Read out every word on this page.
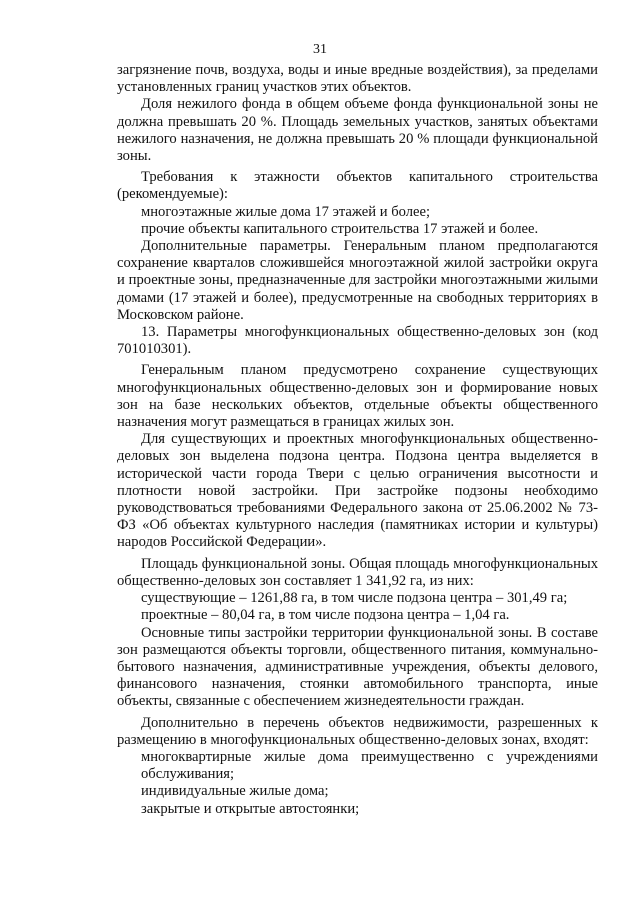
31

загрязнение почв, воздуха, воды и иные вредные воздействия), за пределами установленных границ участков этих объектов.

Доля нежилого фонда в общем объеме фонда функциональной зоны не должна превышать 20 %. Площадь земельных участков, занятых объектами нежилого назначения, не должна превышать 20 % площади функциональной зоны.

Требования к этажности объектов капитального строительства (рекомендуемые):

многоэтажные жилые дома 17 этажей и более;

прочие объекты капитального строительства 17 этажей и более.

Дополнительные параметры. Генеральным планом предполагаются сохранение кварталов сложившейся многоэтажной жилой застройки округа и проектные зоны, предназначенные для застройки многоэтажными жилыми домами (17 этажей и более), предусмотренные на свободных территориях в Московском районе.

13. Параметры многофункциональных общественно-деловых зон (код 701010301).

Генеральным планом предусмотрено сохранение существующих многофункциональных общественно-деловых зон и формирование новых зон на базе нескольких объектов, отдельные объекты общественного назначения могут размещаться в границах жилых зон.

Для существующих и проектных многофункциональных общественно-деловых зон выделена подзона центра. Подзона центра выделяется в исторической части города Твери с целью ограничения высотности и плотности новой застройки. При застройке подзоны необходимо руководствоваться требованиями Федерального закона от 25.06.2002 № 73-ФЗ «Об объектах культурного наследия (памятниках истории и культуры) народов Российской Федерации».

Площадь функциональной зоны. Общая площадь многофункциональных общественно-деловых зон составляет 1 341,92 га, из них:

существующие – 1261,88 га, в том числе подзона центра – 301,49 га;

проектные – 80,04 га, в том числе подзона центра – 1,04 га.

Основные типы застройки территории функциональной зоны. В составе зон размещаются объекты торговли, общественного питания, коммунально-бытового назначения, административные учреждения, объекты делового, финансового назначения, стоянки автомобильного транспорта, иные объекты, связанные с обеспечением жизнедеятельности граждан.

Дополнительно в перечень объектов недвижимости, разрешенных к размещению в многофункциональных общественно-деловых зонах, входят:

многоквартирные жилые дома преимущественно с учреждениями обслуживания;

индивидуальные жилые дома;

закрытые и открытые автостоянки;
